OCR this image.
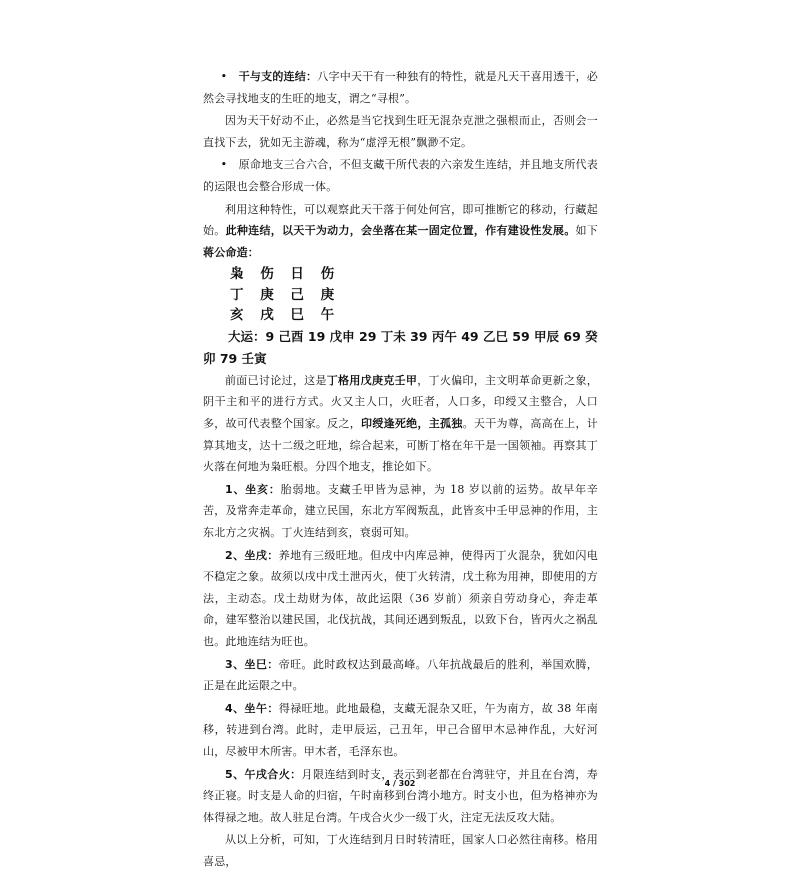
• 干与支的连结：八字中天干有一种独有的特性，就是凡天干喜用透干，必然会寻找地支的生旺的地支，谓之“寻根”。

因为天干好动不止，必然是当它找到生旺无混杂克泄之强根而止，否则会一直找下去，犹如无主游魂，称为“虚浮无根”飘渺不定。

• 原命地支三合六合，不但支藏干所代表的六亲发生连结，并且地支所代表的运限也会整合形成一体。

利用这种特性，可以观察此天干落于何处何宫，即可推断它的移动，行藏起始。此种连结，以天干为动力，会坐落在某一固定位置，作有建设性发展。如下蒋公命造：

枭 伤 日 伤
丁 庚 己 庚
亥 戌 巳 午
大运：9 己酉 19 戊申 29 丁未 39 丙午 49 乙巳 59 甲辰 69 癸卯 79 壬寅

前面已讨论过，这是丁格用戊庚克壬甲，丁火偏印，主文明革命更新之象，阴干主和平的进行方式。火又主人口，火旺者，人口多，印绶又主整合，人口多，故可代表整个国家。反之，印绶逢死绝，主孤独。天干为尊，高高在上，计算其地支，达十二级之旺地，综合起来，可断丁格在年干是一国领袖。再察其丁火落在何地为枭旺根。分四个地支，推论如下。

1、坐亥：胎弱地。支藏壬甲皆为忌神，为 18 岁以前的运势。故早年辛苦，及常奔走革命，建立民国，东北方军阀叛乱，此皆亥中壬甲忌神的作用，主东北方之灾祸。丁火连结到亥，衰弱可知。

2、坐戌：养地有三级旺地。但戌中内库忌神，使得丙丁火混杂，犹如闪电不稳定之象。故须以戌中戊土泄丙火，使丁火转清，戊土称为用神，即使用的方法，主动态。戊土劫财为体，故此运限（36 岁前）须亲自劳动身心，奔走革命，建军整治以建民国，北伐抗战，其间还遇到叛乱，以致下台，皆丙火之祸乱也。此地连结为旺也。

3、坐巳：帝旺。此时政权达到最高峰。八年抗战最后的胜利，举国欢腾，正是在此运限之中。

4、坐午：得禄旺地。此地最稳，支藏无混杂又旺，午为南方，故 38 年南移，转进到台湾。此时，走甲辰运，己丑年，甲己合留甲木忌神作乱，大好河山，尽被甲木所害。甲木者，毛泽东也。

5、午戌合火：月限连结到时支，表示到老都在台湾驻守，并且在台湾，寿终正寝。时支是人命的归宿，午时南移到台湾小地方。时支小也，但为格神亦为体得禄之地。故人驻足台湾。午戌合火少一级丁火，注定无法反攻大陆。

从以上分析，可知，丁火连结到月日时转清旺，国家人口必然往南移。格用喜忌，

4 / 302
